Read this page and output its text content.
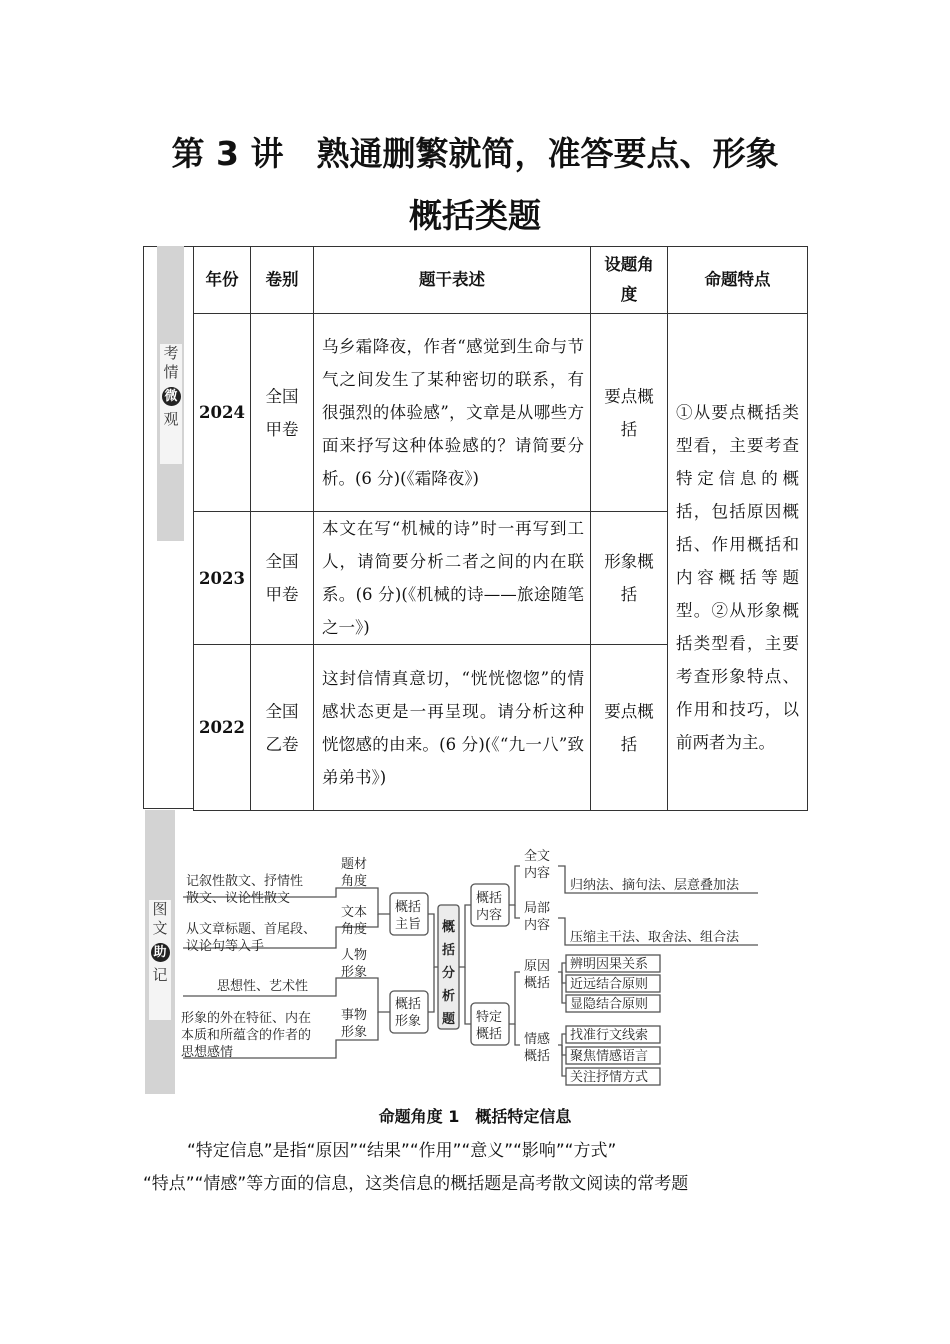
第 3 讲　熟通删繁就简，准答要点、形象
概括类题
考
情
微
观
年份	卷别	题干表述	设题角度	命题特点
2024	全国甲卷	乌乡霜降夜，作者“感觉到生命与节气之间发生了某种密切的联系，有很强烈的体验感”，文章是从哪些方面来抒写这种体验感的？请简要分析。(6 分)(《霜降夜》)	要点概括	①从要点概括类型看，主要考查特定信息的概括，包括原因概括、作用概括和内容概括等题型。②从形象概括类型看，主要考查形象特点、作用和技巧，以前两者为主。
2023	全国甲卷	本文在写“机械的诗”时一再写到工人，请简要分析二者之间的内在联系。(6 分)(《机械的诗——旅途随笔之一》)	形象概括	
2022	全国乙卷	这封信情真意切，“恍恍惚惚”的情感状态更是一再呈现。请分析这种恍惚感的由来。(6 分)(《“九一八”致弟弟书》)	要点概括	
图
文
助
记
记叙性散文、抒情性
散文、议论性散文
题材
角度
从文章标题、首尾段、
议论句等入手
文本
角度
概括
主旨
人物
形象
思想性、艺术性
事物
形象
形象的外在特征、内在
本质和所蕴含的作者的
思想感情
概括
形象
概
括
分
析
题
概括
内容
全文
内容
归纳法、摘句法、层意叠加法
局部
内容
压缩主干法、取舍法、组合法
特定
概括
原因
概括
辨明因果关系
近远结合原则
显隐结合原则
情感
概括
找准行文线索
聚焦情感语言
关注抒情方式
命题角度 1　概括特定信息
“特定信息”是指“原因”“结果”“作用”“意义”“影响”“方式”
“特点”“情感”等方面的信息，这类信息的概括题是高考散文阅读的常考题
